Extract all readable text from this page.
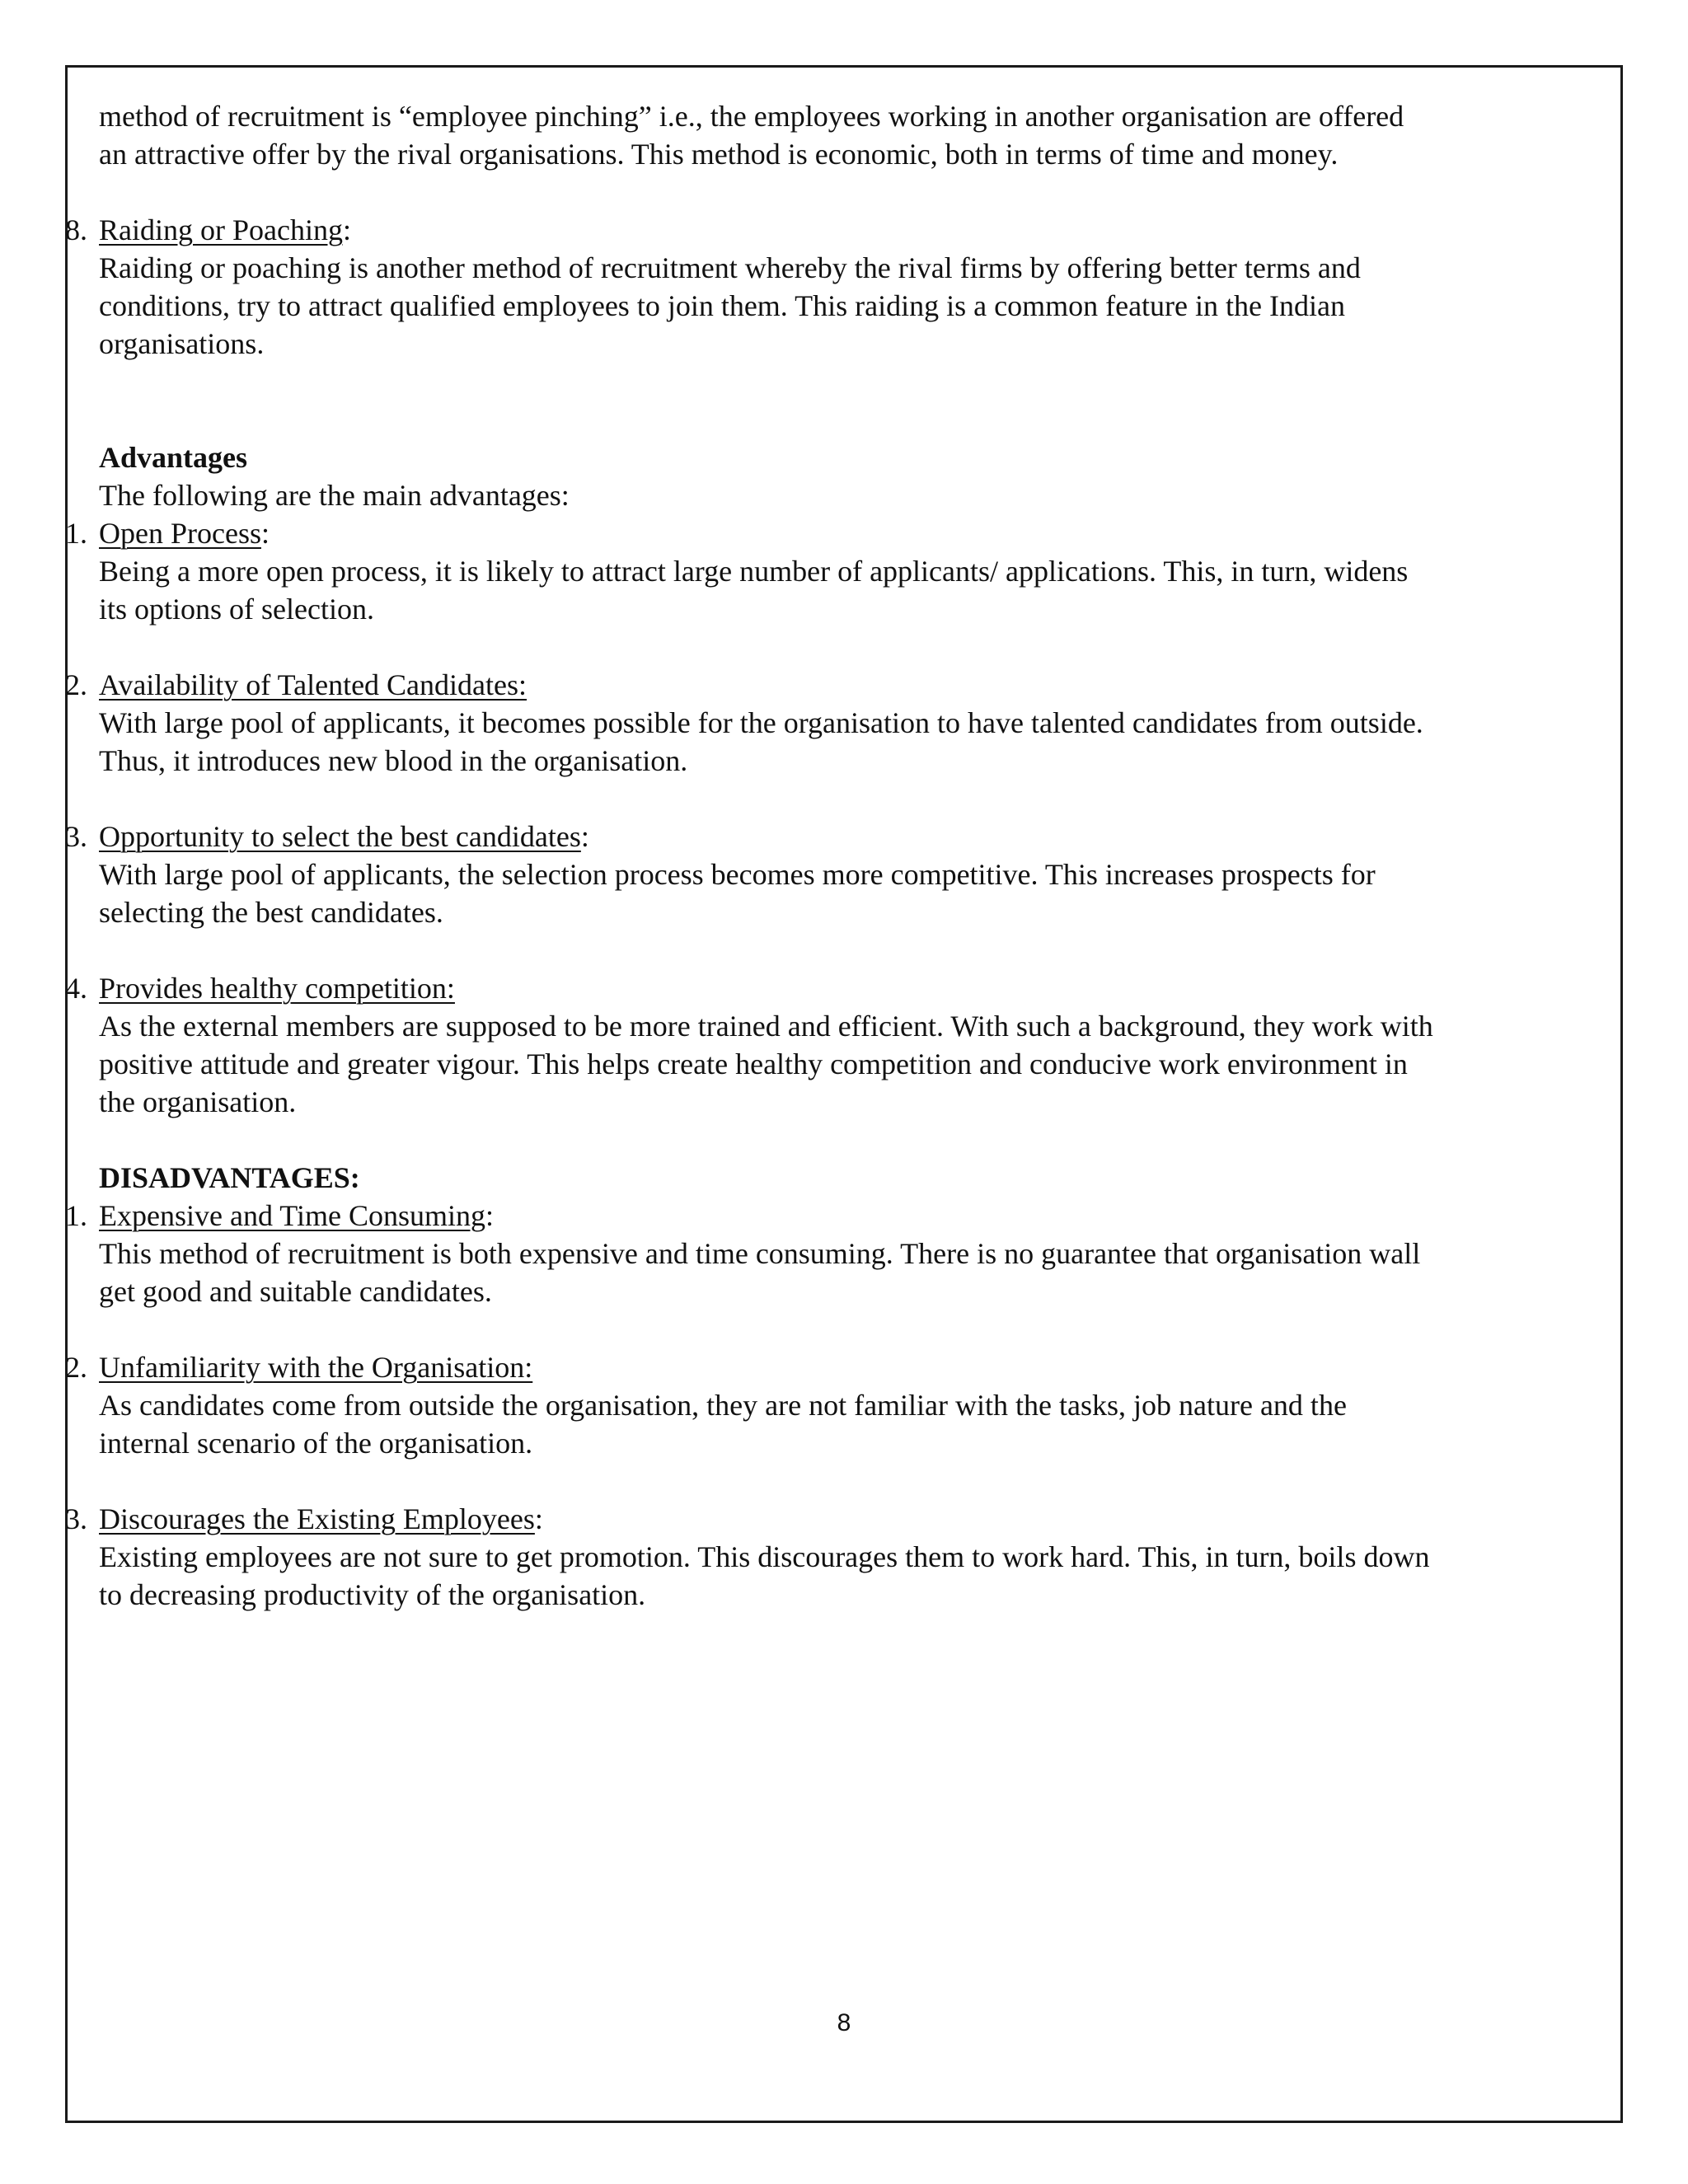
method of recruitment is “employee pinching” i.e., the employees working in another organisation are offered

an attractive offer by the rival organisations. This method is economic, both in terms of time and money.

8. Raiding or Poaching:

Raiding or poaching is another method of recruitment whereby the rival firms by offering better terms and

conditions, try to attract qualified employees to join them. This raiding is a common feature in the Indian

organisations.

Advantages

The following are the main advantages:

1. Open Process:

Being a more open process, it is likely to attract large number of applicants/ applications. This, in turn, widens

its options of selection.

2. Availability of Talented Candidates:

With large pool of applicants, it becomes possible for the organisation to have talented candidates from outside.

Thus, it introduces new blood in the organisation.

3. Opportunity to select the best candidates:

With large pool of applicants, the selection process becomes more competitive. This increases prospects for

selecting the best candidates.

4. Provides healthy competition:

As the external members are supposed to be more trained and efficient. With such a background, they work with

positive attitude and greater vigour. This helps create healthy competition and conducive work environment in

the organisation.

DISADVANTAGES:

1. Expensive and Time Consuming:

This method of recruitment is both expensive and time consuming. There is no guarantee that organisation wall

get good and suitable candidates.

2. Unfamiliarity with the Organisation:

As candidates come from outside the organisation, they are not familiar with the tasks, job nature and the

internal scenario of the organisation.

3. Discourages the Existing Employees:

Existing employees are not sure to get promotion. This discourages them to work hard. This, in turn, boils down

to decreasing productivity of the organisation.

8
